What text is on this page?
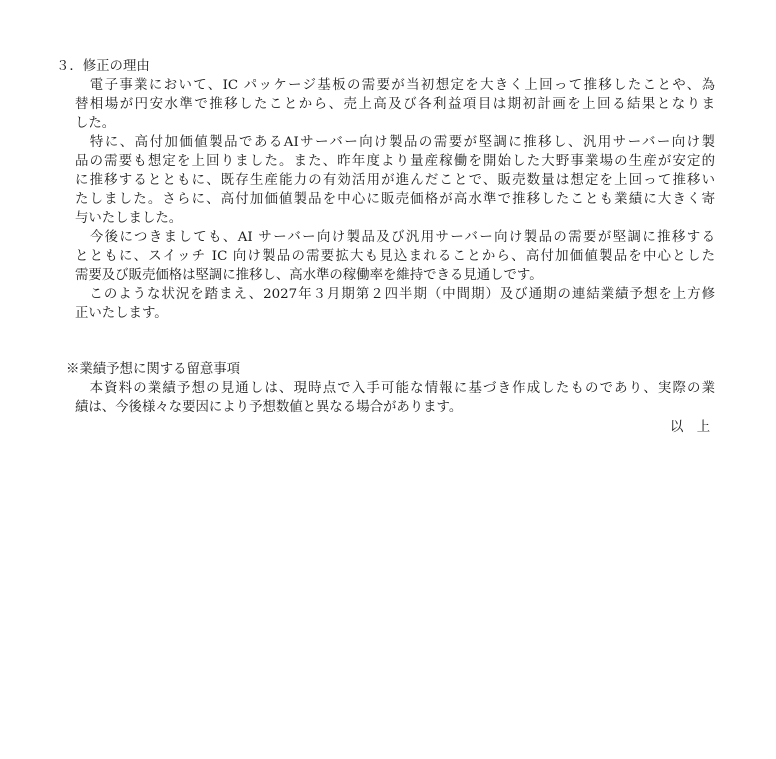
３．修正の理由
　電子事業において、IC パッケージ基板の需要が当初想定を大きく上回って推移したことや、為
替相場が円安水準で推移したことから、売上高及び各利益項目は期初計画を上回る結果となりま
した。
　特に、高付加価値製品であるAIサーバー向け製品の需要が堅調に推移し、汎用サーバー向け製
品の需要も想定を上回りました。また、昨年度より量産稼働を開始した大野事業場の生産が安定的
に推移するとともに、既存生産能力の有効活用が進んだことで、販売数量は想定を上回って推移い
たしました。さらに、高付加価値製品を中心に販売価格が高水準で推移したことも業績に大きく寄
与いたしました。
　今後につきましても、AI サーバー向け製品及び汎用サーバー向け製品の需要が堅調に推移する
とともに、スイッチ IC 向け製品の需要拡大も見込まれることから、高付加価値製品を中心とした
需要及び販売価格は堅調に推移し、高水準の稼働率を維持できる見通しです。
　このような状況を踏まえ、2027年３月期第２四半期（中間期）及び通期の連結業績予想を上方修
正いたします。
※業績予想に関する留意事項
　本資料の業績予想の見通しは、現時点で入手可能な情報に基づき作成したものであり、実際の業
績は、今後様々な要因により予想数値と異なる場合があります。
以　上
